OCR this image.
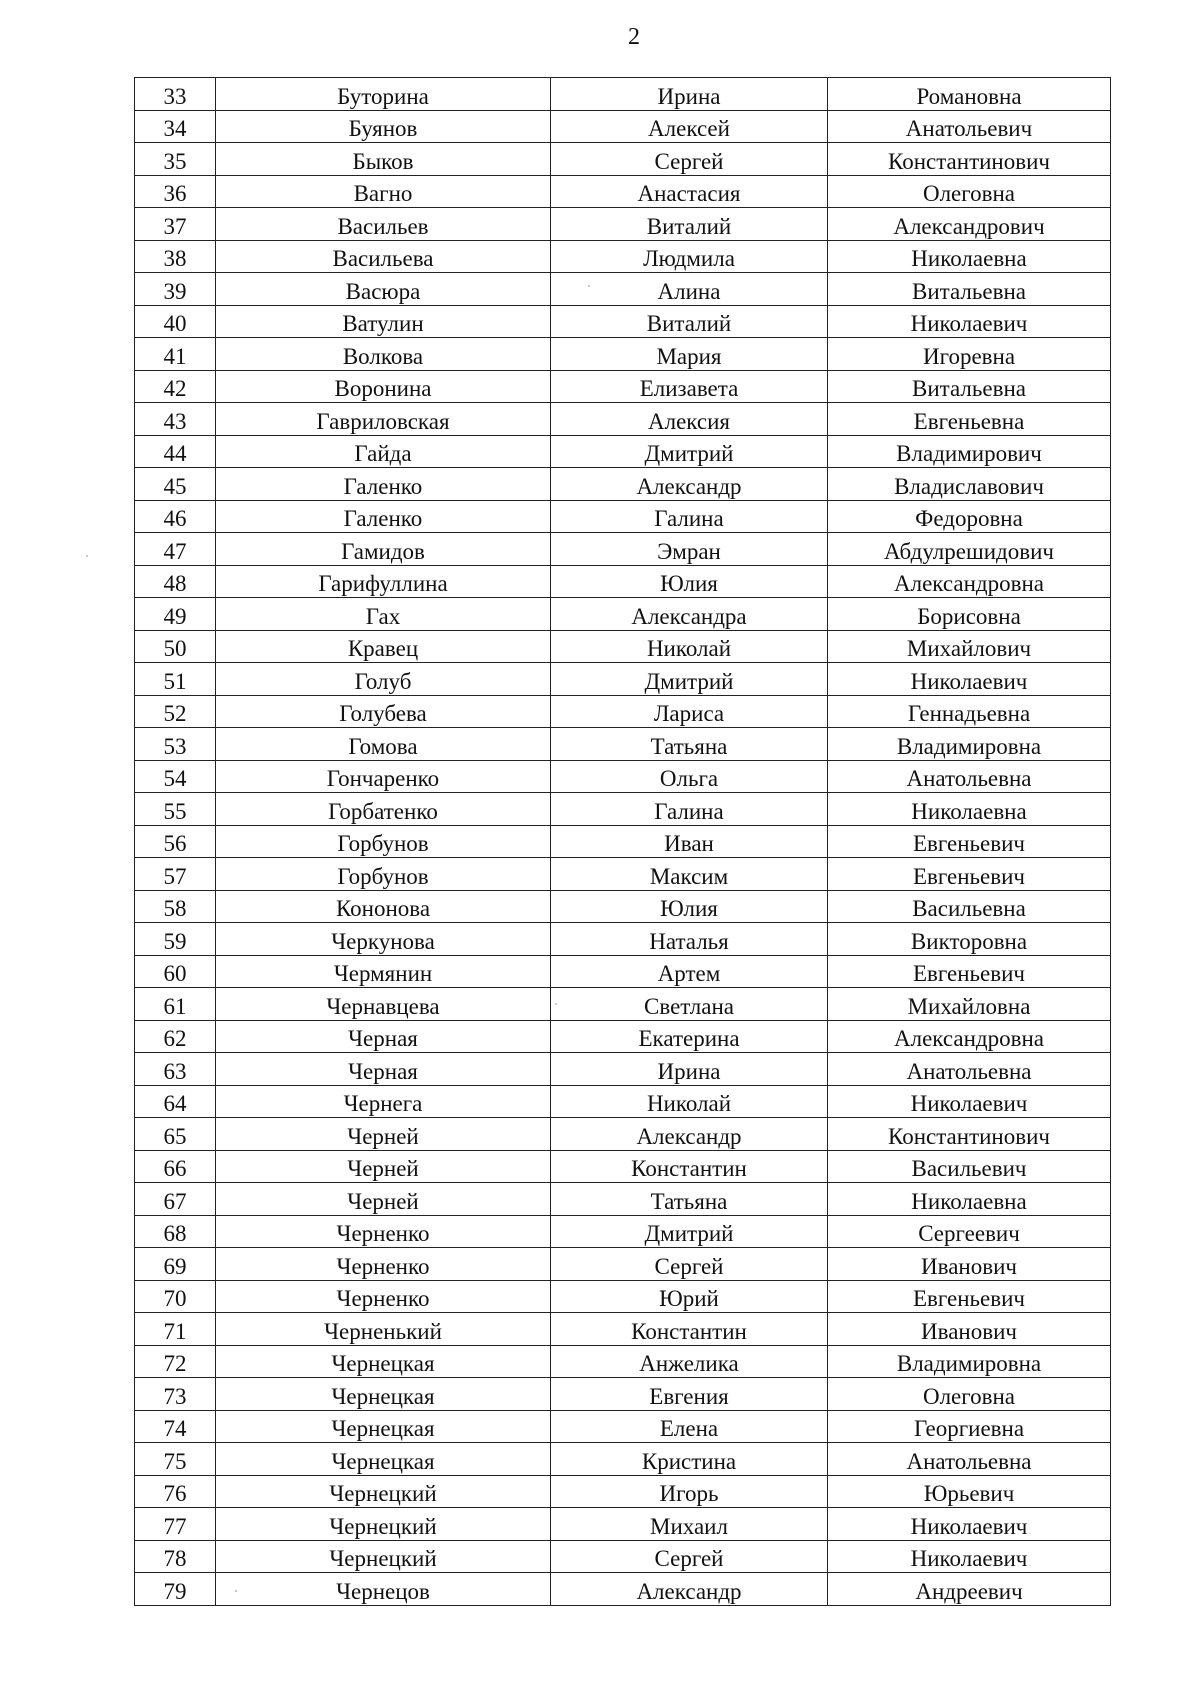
2
33	Буторина	Ирина	Романовна
34	Буянов	Алексей	Анатольевич
35	Быков	Сергей	Константинович
36	Вагно	Анастасия	Олеговна
37	Васильев	Виталий	Александрович
38	Васильева	Людмила	Николаевна
39	Васюра	Алина	Витальевна
40	Ватулин	Виталий	Николаевич
41	Волкова	Мария	Игоревна
42	Воронина	Елизавета	Витальевна
43	Гавриловская	Алексия	Евгеньевна
44	Гайда	Дмитрий	Владимирович
45	Галенко	Александр	Владиславович
46	Галенко	Галина	Федоровна
47	Гамидов	Эмран	Абдулрешидович
48	Гарифуллина	Юлия	Александровна
49	Гах	Александра	Борисовна
50	Кравец	Николай	Михайлович
51	Голуб	Дмитрий	Николаевич
52	Голубева	Лариса	Геннадьевна
53	Гомова	Татьяна	Владимировна
54	Гончаренко	Ольга	Анатольевна
55	Горбатенко	Галина	Николаевна
56	Горбунов	Иван	Евгеньевич
57	Горбунов	Максим	Евгеньевич
58	Кононова	Юлия	Васильевна
59	Черкунова	Наталья	Викторовна
60	Чермянин	Артем	Евгеньевич
61	Чернавцева	Светлана	Михайловна
62	Черная	Екатерина	Александровна
63	Черная	Ирина	Анатольевна
64	Чернега	Николай	Николаевич
65	Черней	Александр	Константинович
66	Черней	Константин	Васильевич
67	Черней	Татьяна	Николаевна
68	Черненко	Дмитрий	Сергеевич
69	Черненко	Сергей	Иванович
70	Черненко	Юрий	Евгеньевич
71	Черненький	Константин	Иванович
72	Чернецкая	Анжелика	Владимировна
73	Чернецкая	Евгения	Олеговна
74	Чернецкая	Елена	Георгиевна
75	Чернецкая	Кристина	Анатольевна
76	Чернецкий	Игорь	Юрьевич
77	Чернецкий	Михаил	Николаевич
78	Чернецкий	Сергей	Николаевич
79	Чернецов	Александр	Андреевич
